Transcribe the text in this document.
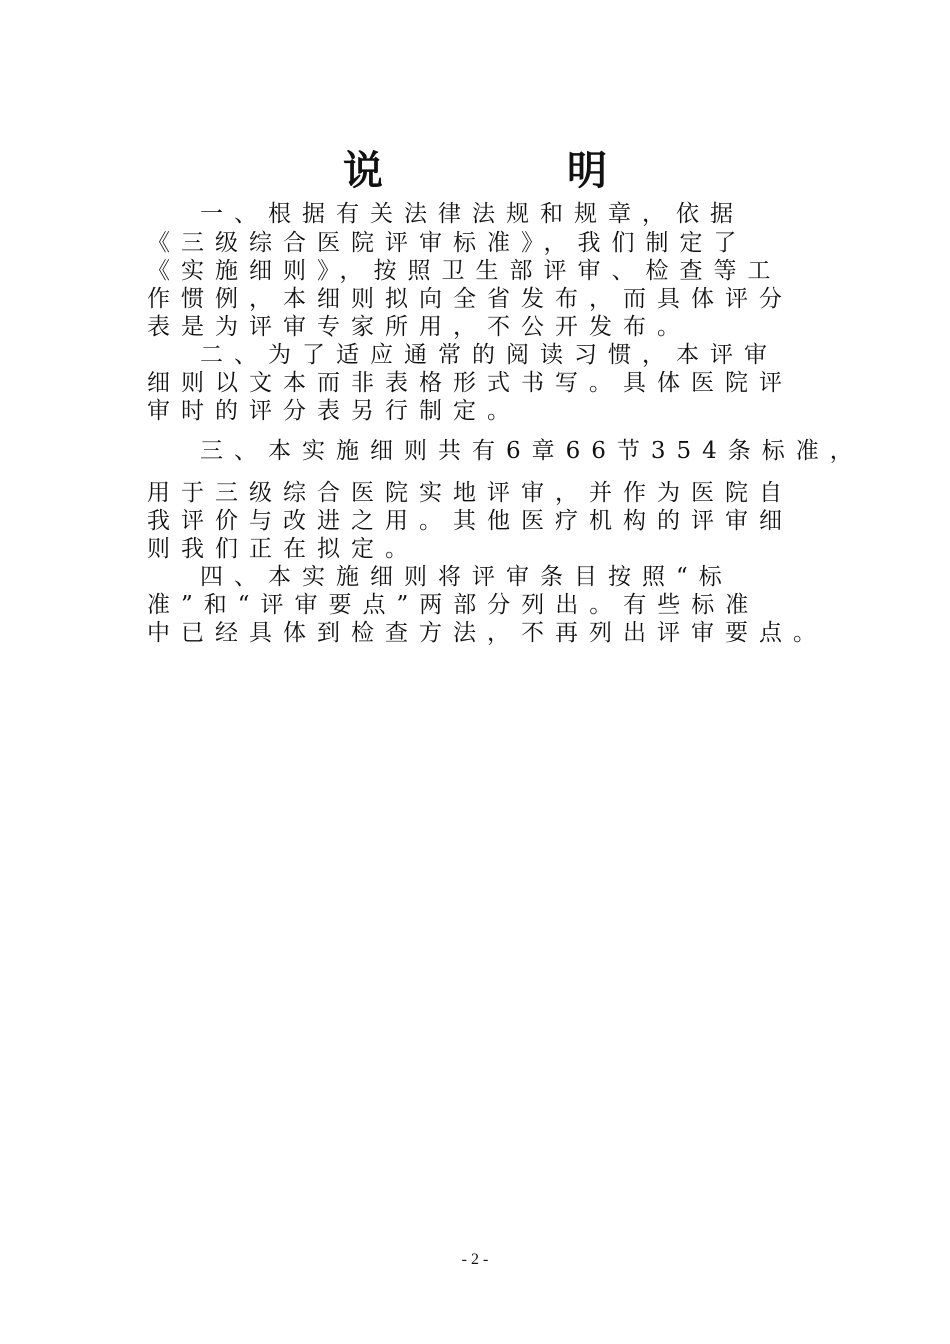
说　明
一、根据有关法律法规和规章，依据
《三级综合医院评审标准》，我们制定了
《实施细则》，按照卫生部评审、检查等工
作惯例，本细则拟向全省发布，而具体评分
表是为评审专家所用，不公开发布。
二、为了适应通常的阅读习惯，本评审
细则以文本而非表格形式书写。具体医院评
审时的评分表另行制定。
三、本实施细则共有6章66节354条标准，
用于三级综合医院实地评审，并作为医院自
我评价与改进之用。其他医疗机构的评审细
则我们正在拟定。
四、本实施细则将评审条目按照“标
准”和“评审要点”两部分列出。有些标准
中已经具体到检查方法，不再列出评审要点。
- 2 -
